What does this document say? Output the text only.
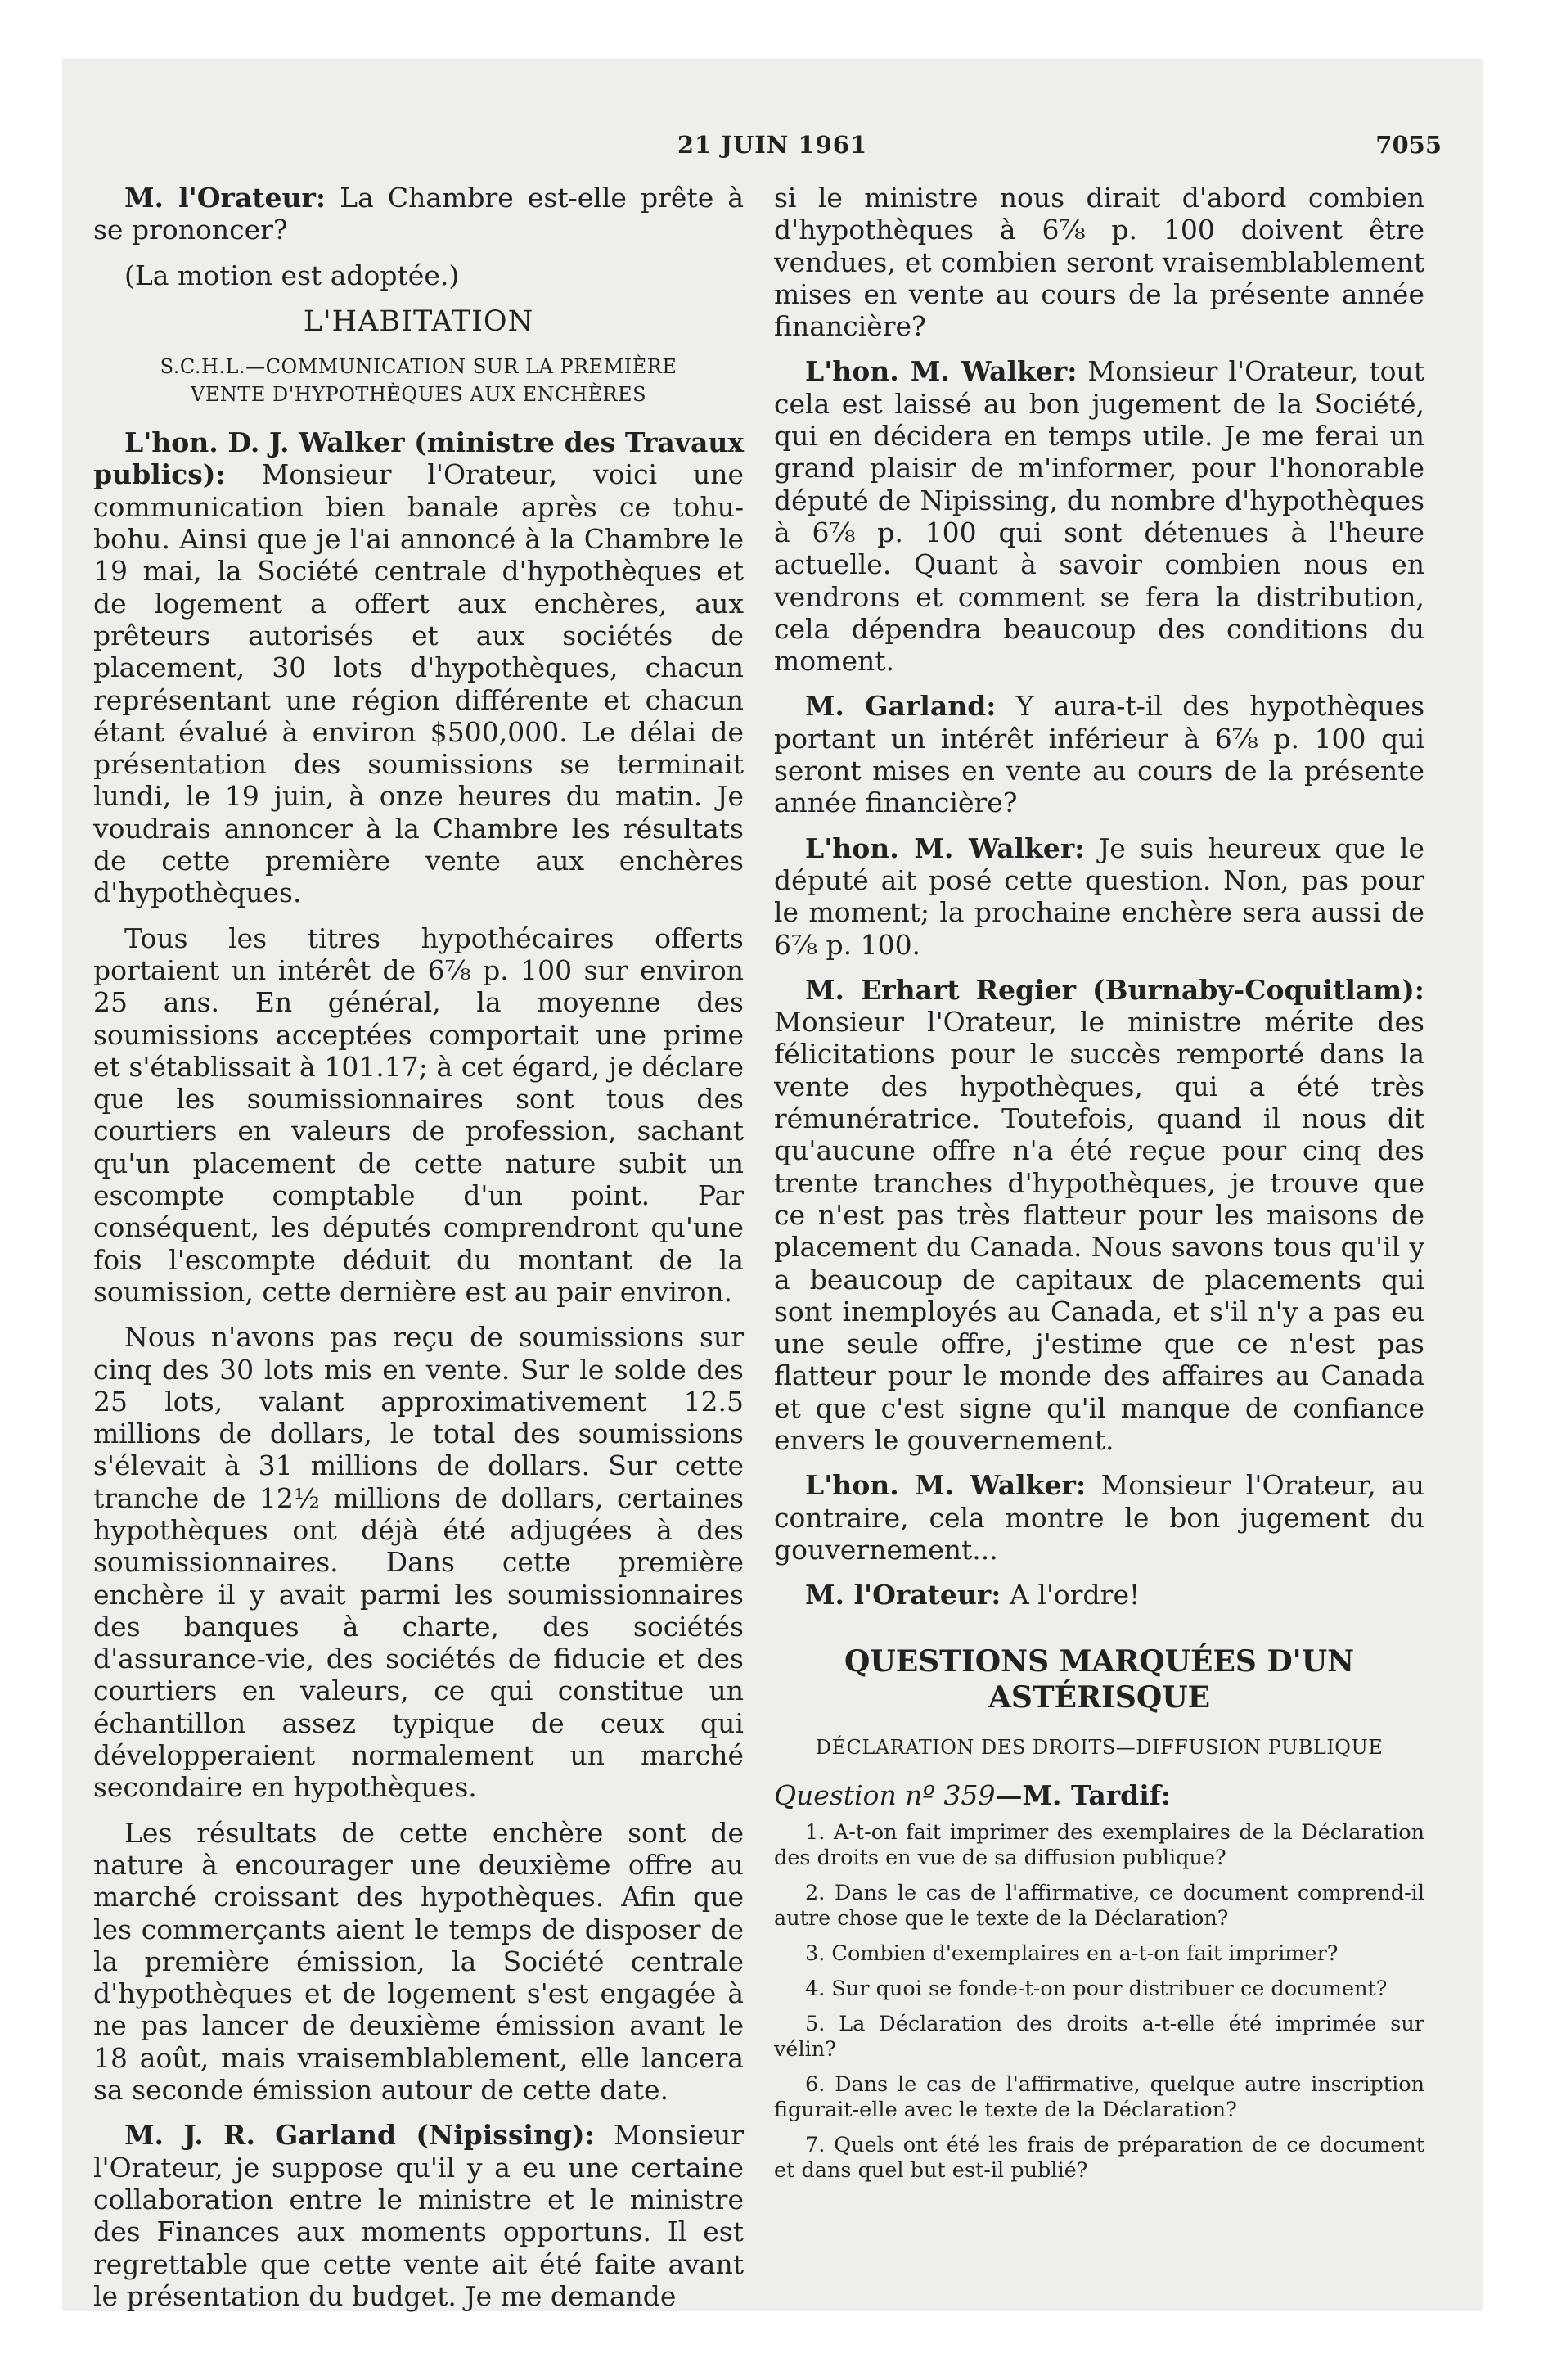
21 JUIN 1961	7055

M. l'Orateur: La Chambre est-elle prête à se prononcer?

(La motion est adoptée.)

L'HABITATION
S.C.H.L.—COMMUNICATION SUR LA PREMIÈRE
VENTE D'HYPOTHÈQUES AUX ENCHÈRES

L'hon. D. J. Walker (ministre des Travaux publics): Monsieur l'Orateur, voici une communication bien banale après ce tohu-bohu. Ainsi que je l'ai annoncé à la Chambre le 19 mai, la Société centrale d'hypothèques et de logement a offert aux enchères, aux prêteurs autorisés et aux sociétés de placement, 30 lots d'hypothèques, chacun représentant une région différente et chacun étant évalué à environ $500,000. Le délai de présentation des soumissions se terminait lundi, le 19 juin, à onze heures du matin. Je voudrais annoncer à la Chambre les résultats de cette première vente aux enchères d'hypothèques.

Tous les titres hypothécaires offerts portaient un intérêt de 6⅞ p. 100 sur environ 25 ans. En général, la moyenne des soumissions acceptées comportait une prime et s'établissait à 101.17; à cet égard, je déclare que les soumissionnaires sont tous des courtiers en valeurs de profession, sachant qu'un placement de cette nature subit un escompte comptable d'un point. Par conséquent, les députés comprendront qu'une fois l'escompte déduit du montant de la soumission, cette dernière est au pair environ.

Nous n'avons pas reçu de soumissions sur cinq des 30 lots mis en vente. Sur le solde des 25 lots, valant approximativement 12.5 millions de dollars, le total des soumissions s'élevait à 31 millions de dollars. Sur cette tranche de 12½ millions de dollars, certaines hypothèques ont déjà été adjugées à des soumissionnaires. Dans cette première enchère il y avait parmi les soumissionnaires des banques à charte, des sociétés d'assurance-vie, des sociétés de fiducie et des courtiers en valeurs, ce qui constitue un échantillon assez typique de ceux qui développeraient normalement un marché secondaire en hypothèques.

Les résultats de cette enchère sont de nature à encourager une deuxième offre au marché croissant des hypothèques. Afin que les commerçants aient le temps de disposer de la première émission, la Société centrale d'hypothèques et de logement s'est engagée à ne pas lancer de deuxième émission avant le 18 août, mais vraisemblablement, elle lancera sa seconde émission autour de cette date.

M. J. R. Garland (Nipissing): Monsieur l'Orateur, je suppose qu'il y a eu une certaine collaboration entre le ministre et le ministre des Finances aux moments opportuns. Il est regrettable que cette vente ait été faite avant le présentation du budget. Je me demande

si le ministre nous dirait d'abord combien d'hypothèques à 6⅞ p. 100 doivent être vendues, et combien seront vraisemblablement mises en vente au cours de la présente année financière?

L'hon. M. Walker: Monsieur l'Orateur, tout cela est laissé au bon jugement de la Société, qui en décidera en temps utile. Je me ferai un grand plaisir de m'informer, pour l'honorable député de Nipissing, du nombre d'hypothèques à 6⅞ p. 100 qui sont détenues à l'heure actuelle. Quant à savoir combien nous en vendrons et comment se fera la distribution, cela dépendra beaucoup des conditions du moment.

M. Garland: Y aura-t-il des hypothèques portant un intérêt inférieur à 6⅞ p. 100 qui seront mises en vente au cours de la présente année financière?

L'hon. M. Walker: Je suis heureux que le député ait posé cette question. Non, pas pour le moment; la prochaine enchère sera aussi de 6⅞ p. 100.

M. Erhart Regier (Burnaby-Coquitlam): Monsieur l'Orateur, le ministre mérite des félicitations pour le succès remporté dans la vente des hypothèques, qui a été très rémunératrice. Toutefois, quand il nous dit qu'aucune offre n'a été reçue pour cinq des trente tranches d'hypothèques, je trouve que ce n'est pas très flatteur pour les maisons de placement du Canada. Nous savons tous qu'il y a beaucoup de capitaux de placements qui sont inemployés au Canada, et s'il n'y a pas eu une seule offre, j'estime que ce n'est pas flatteur pour le monde des affaires au Canada et que c'est signe qu'il manque de confiance envers le gouvernement.

L'hon. M. Walker: Monsieur l'Orateur, au contraire, cela montre le bon jugement du gouvernement...

M. l'Orateur: A l'ordre!

QUESTIONS MARQUÉES D'UN
ASTÉRISQUE
DÉCLARATION DES DROITS—DIFFUSION PUBLIQUE

Question nº 359—M. Tardif:

1. A-t-on fait imprimer des exemplaires de la Déclaration des droits en vue de sa diffusion publique?

2. Dans le cas de l'affirmative, ce document comprend-il autre chose que le texte de la Déclaration?

3. Combien d'exemplaires en a-t-on fait imprimer?

4. Sur quoi se fonde-t-on pour distribuer ce document?

5. La Déclaration des droits a-t-elle été imprimée sur vélin?

6. Dans le cas de l'affirmative, quelque autre inscription figurait-elle avec le texte de la Déclaration?

7. Quels ont été les frais de préparation de ce document et dans quel but est-il publié?
